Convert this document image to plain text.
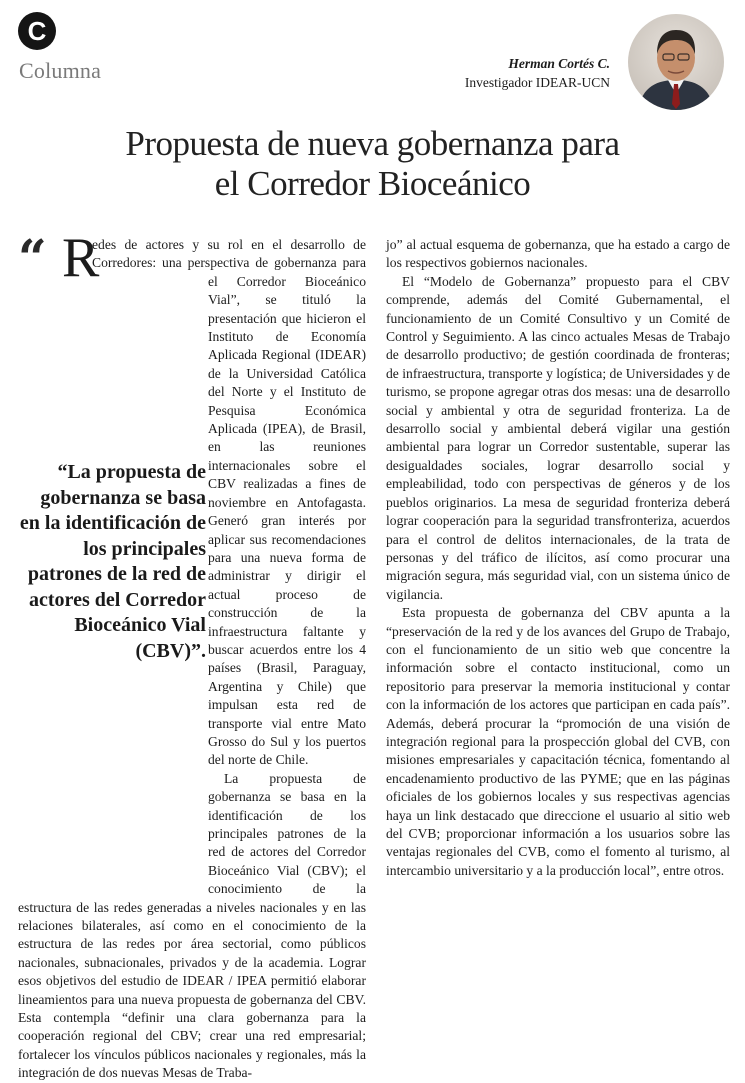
C
Columna	Herman Cortés C.
Investigador IDEAR-UCN
Propuesta de nueva gobernanza para
el Corredor Bioceánico
“ R

edes de actores y su rol en el desarrollo de Corredores: una perspectiva de gobernanza para el Corredor Bioceánico Vial”, se tituló la presentación que hicieron el Instituto de Economía Aplicada Regional (IDEAR) de la Universidad Católica del Norte y el Instituto de Pesquisa Económica Aplicada (IPEA), de Brasil, en las reuniones internacionales sobre el CBV realizadas a fines de noviembre en Antofagasta. Generó gran interés por aplicar sus recomendaciones para una nueva forma de administrar y dirigir el actual proceso de construcción de la infraestructura faltante y buscar acuerdos entre los 4 países (Brasil, Paraguay, Argentina y Chile) que impulsan esta red de transporte vial entre Mato Grosso do Sul y los puertos del norte de Chile.

La propuesta de gobernanza se basa en la identificación de los principales patrones de la red de actores del Corredor Bioceánico Vial (CBV); el conocimiento de la estructura de las redes generadas a niveles nacionales y en las relaciones bilaterales, así como en el conocimiento de la estructura de las redes por área sectorial, como públicos nacionales, subnacionales, privados y de la academia. Lograr esos objetivos del estudio de IDEAR / IPEA permitió elaborar lineamientos para una nueva propuesta de gobernanza del CBV. Esta contempla “definir una clara gobernanza para la cooperación regional del CBV; crear una red empresarial; fortalecer los vínculos públicos nacionales y regionales, más la integración de dos nuevas Mesas de Traba-

“La propuesta de gobernanza se basa en la identificación de los principales patrones de la red de actores del Corredor Bioceánico Vial (CBV)”.

jo” al actual esquema de gobernanza, que ha estado a cargo de los respectivos gobiernos nacionales.

El “Modelo de Gobernanza” propuesto para el CBV comprende, además del Comité Gubernamental, el funcionamiento de un Comité Consultivo y un Comité de Control y Seguimiento. A las cinco actuales Mesas de Trabajo de desarrollo productivo; de gestión coordinada de fronteras; de infraestructura, transporte y logística; de Universidades y de turismo, se propone agregar otras dos mesas: una de desarrollo social y ambiental y otra de seguridad fronteriza. La de desarrollo social y ambiental deberá vigilar una gestión ambiental para lograr un Corredor sustentable, superar las desigualdades sociales, lograr desarrollo social y empleabilidad, todo con perspectivas de géneros y de los pueblos originarios. La mesa de seguridad fronteriza deberá lograr cooperación para la seguridad transfronteriza, acuerdos para el control de delitos internacionales, de la trata de personas y del tráfico de ilícitos, así como procurar una migración segura, más seguridad vial, con un sistema único de vigilancia.

Esta propuesta de gobernanza del CBV apunta a la “preservación de la red y de los avances del Grupo de Trabajo, con el funcionamiento de un sitio web que concentre la información sobre el contacto institucional, como un repositorio para preservar la memoria institucional y contar con la información de los actores que participan en cada país”. Además, deberá procurar la “promoción de una visión de integración regional para la prospección global del CVB, con misiones empresariales y capacitación técnica, fomentando al encadenamiento productivo de las PYME; que en las páginas oficiales de los gobiernos locales y sus respectivas agencias haya un link destacado que direccione el usuario al sitio web del CVB; proporcionar información a los usuarios sobre las ventajas regionales del CVB, como el fomento al turismo, al intercambio universitario y a la producción local”, entre otros.
